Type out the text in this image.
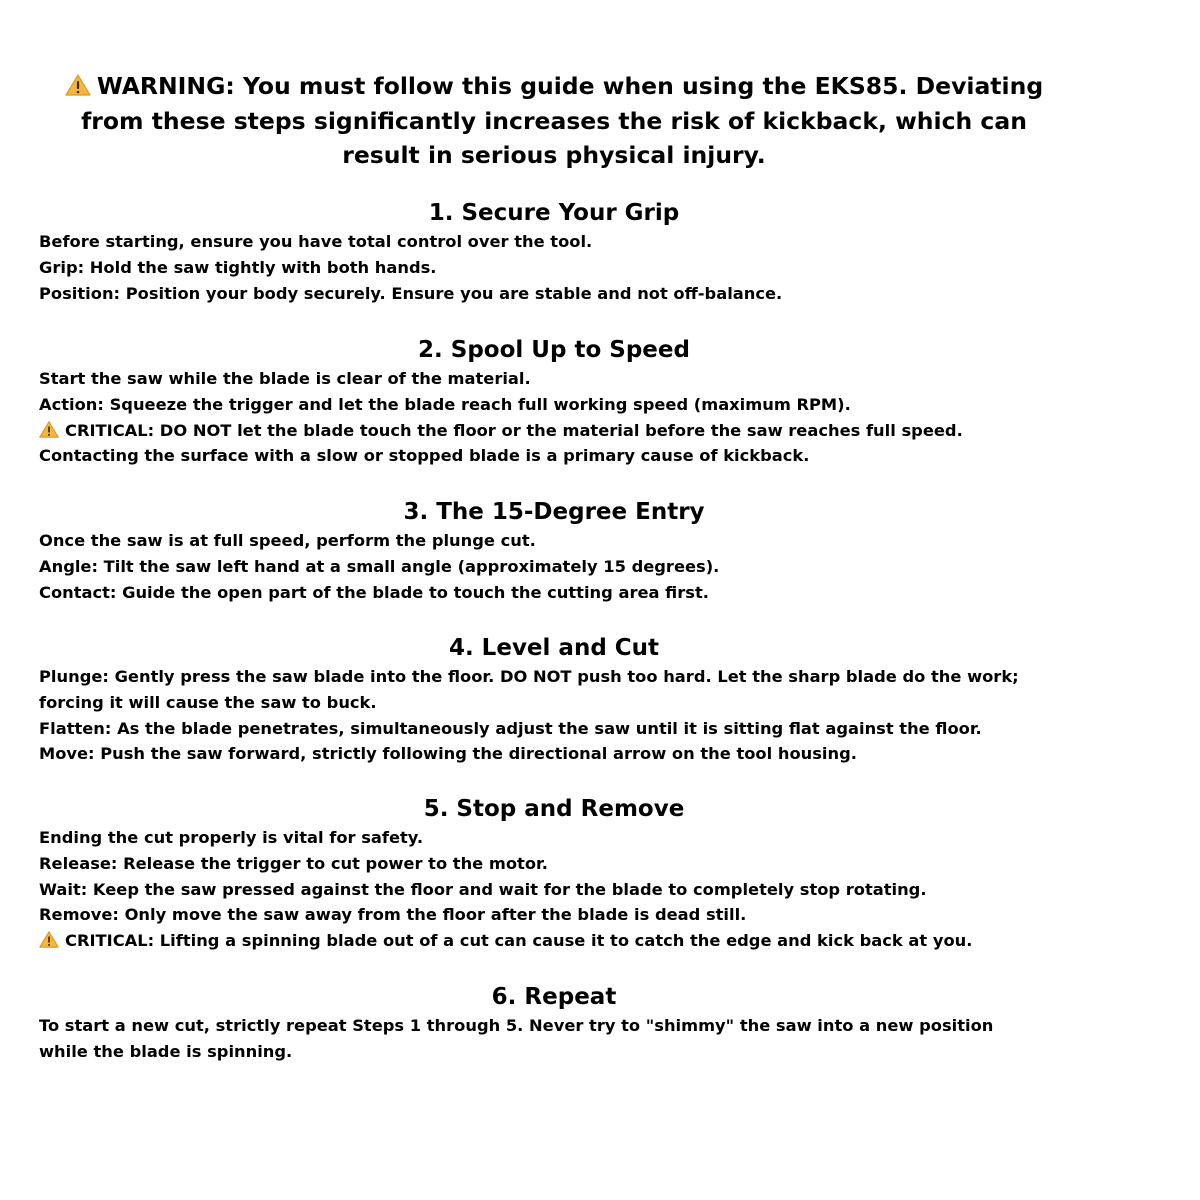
WARNING: You must follow this guide when using the EKS85. Deviating from these steps significantly increases the risk of kickback, which can result in serious physical injury.

1. Secure Your Grip

Before starting, ensure you have total control over the tool.

Grip: Hold the saw tightly with both hands.

Position: Position your body securely. Ensure you are stable and not off-balance.

2. Spool Up to Speed

Start the saw while the blade is clear of the material.

Action: Squeeze the trigger and let the blade reach full working speed (maximum RPM).

CRITICAL: DO NOT let the blade touch the floor or the material before the saw reaches full speed.

Contacting the surface with a slow or stopped blade is a primary cause of kickback.

3. The 15-Degree Entry

Once the saw is at full speed, perform the plunge cut.

Angle: Tilt the saw left hand at a small angle (approximately 15 degrees).

Contact: Guide the open part of the blade to touch the cutting area first.

4. Level and Cut

Plunge: Gently press the saw blade into the floor. DO NOT push too hard. Let the sharp blade do the work; forcing it will cause the saw to buck.

Flatten: As the blade penetrates, simultaneously adjust the saw until it is sitting flat against the floor.

Move: Push the saw forward, strictly following the directional arrow on the tool housing.

5. Stop and Remove

Ending the cut properly is vital for safety.

Release: Release the trigger to cut power to the motor.

Wait: Keep the saw pressed against the floor and wait for the blade to completely stop rotating.

Remove: Only move the saw away from the floor after the blade is dead still.

CRITICAL: Lifting a spinning blade out of a cut can cause it to catch the edge and kick back at you.

6. Repeat

To start a new cut, strictly repeat Steps 1 through 5. Never try to "shimmy" the saw into a new position while the blade is spinning.
